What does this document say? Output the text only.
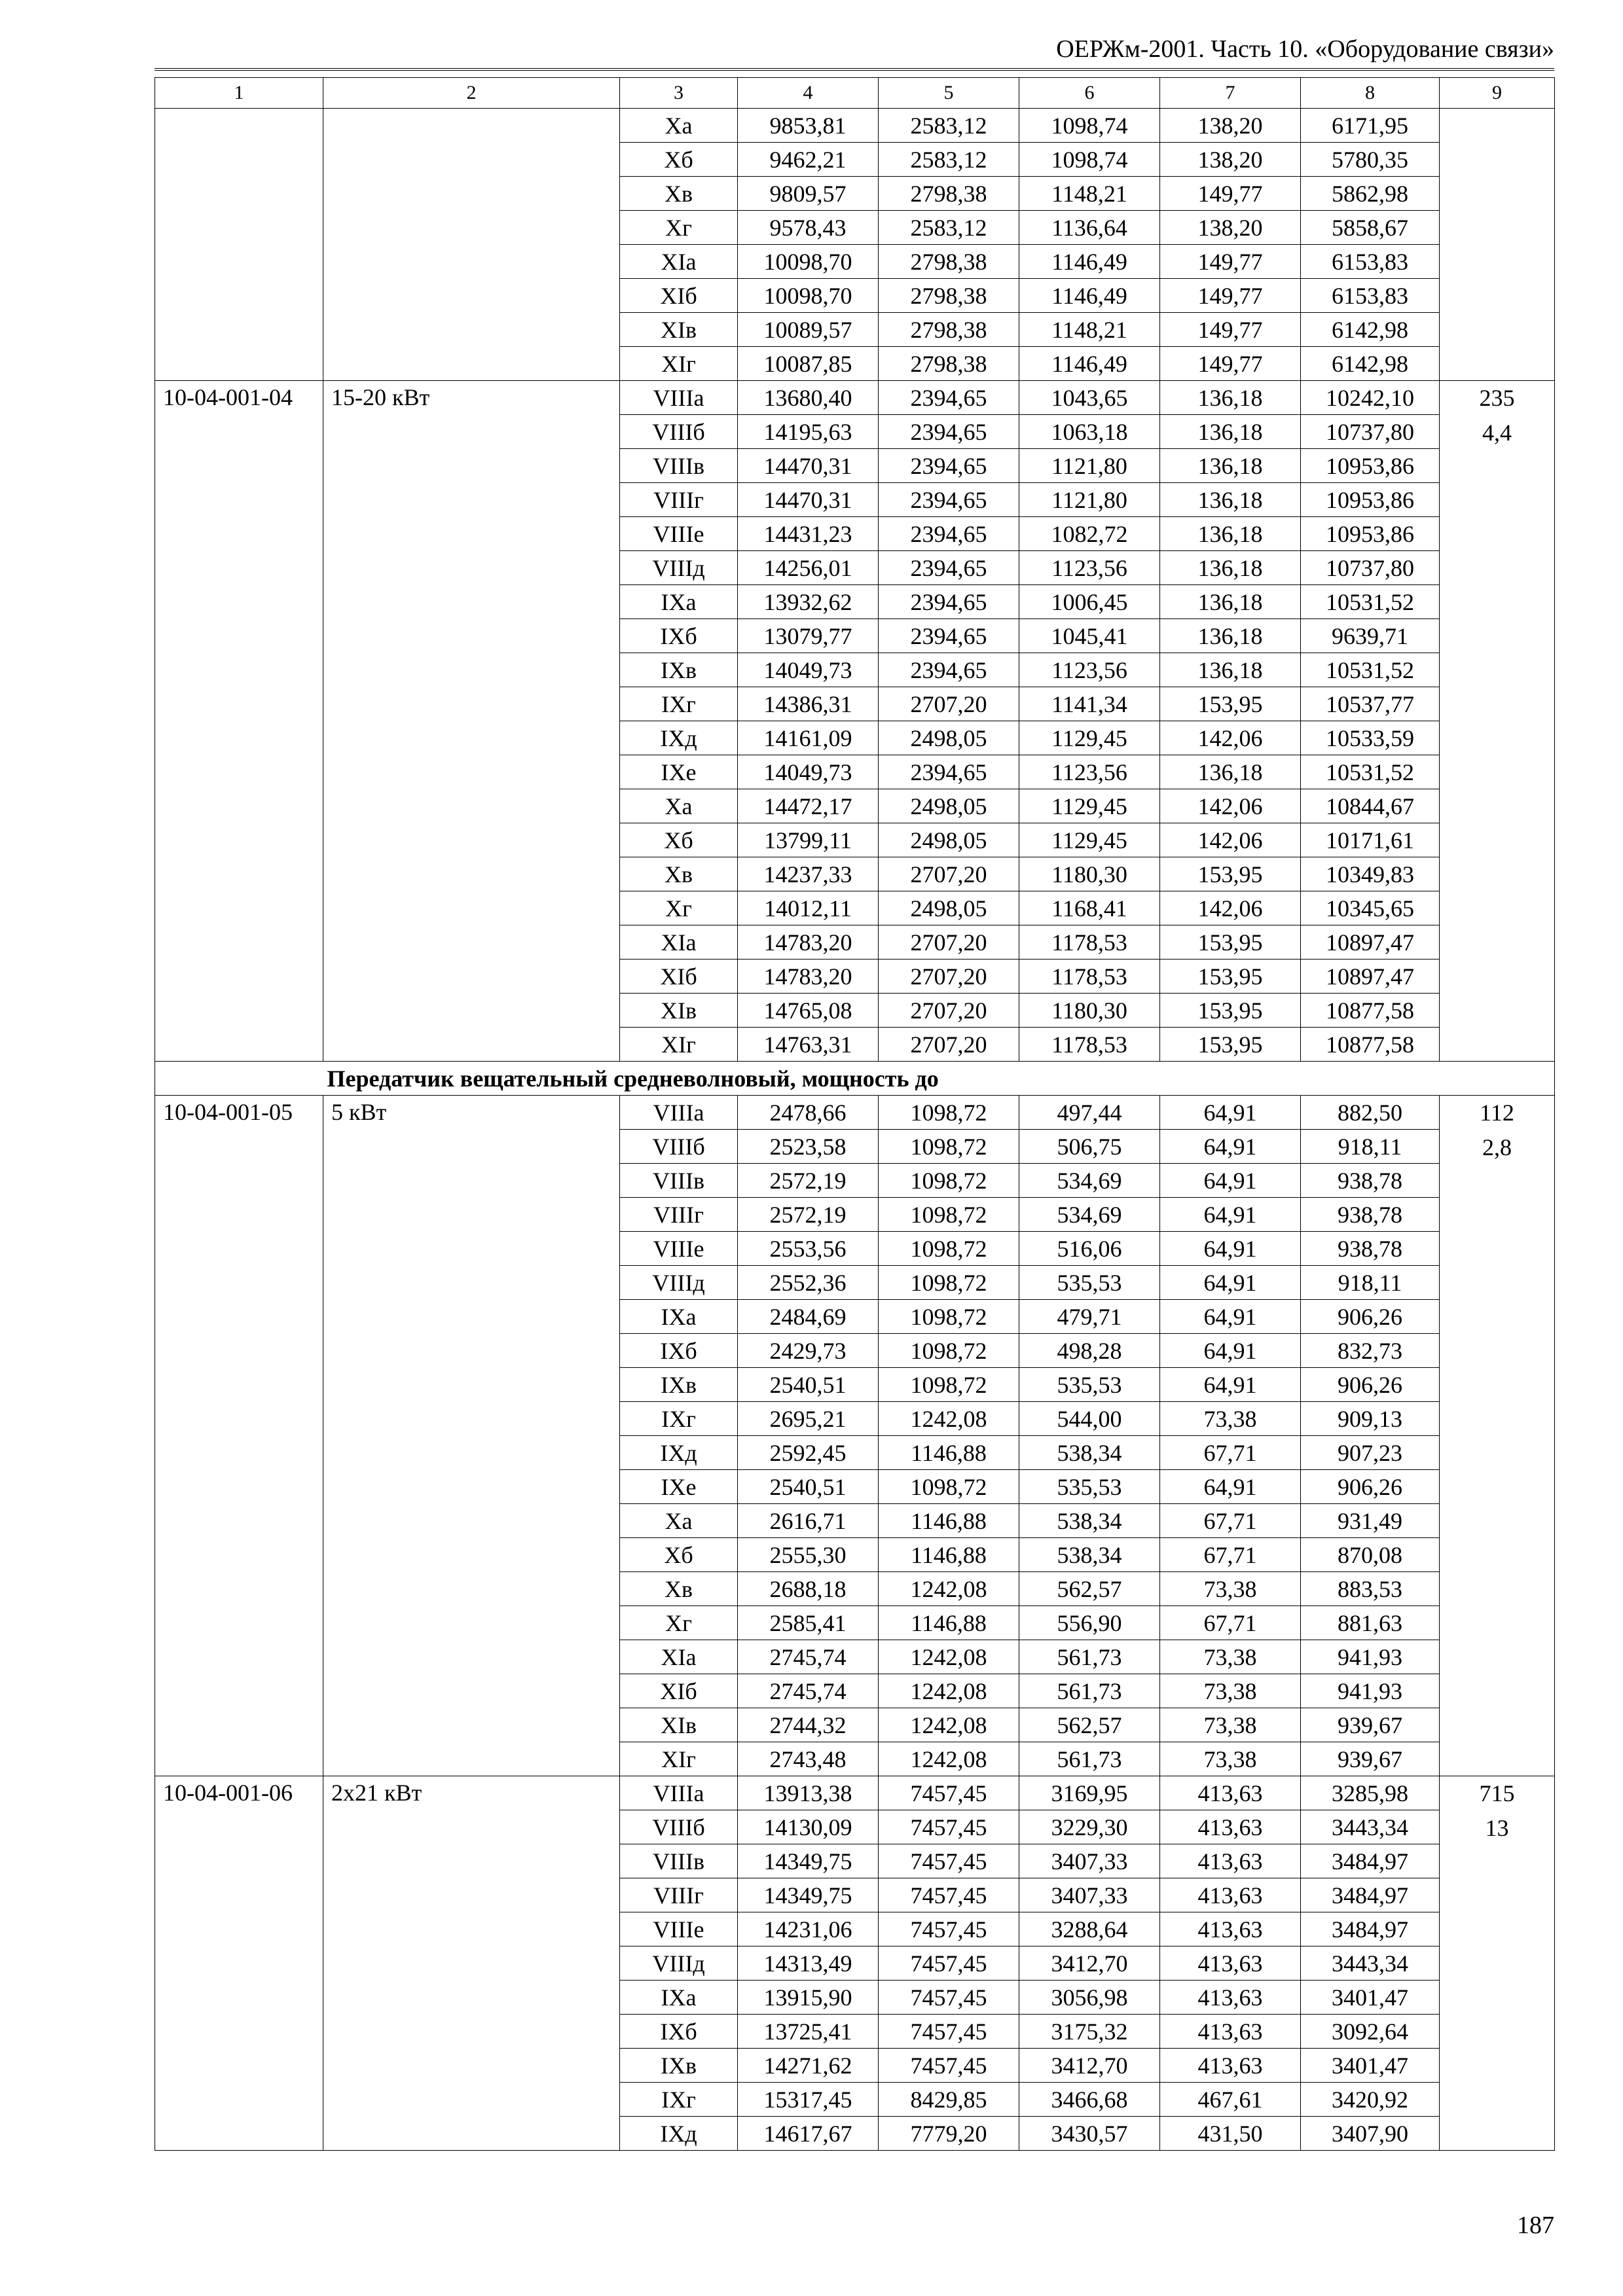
ОЕРЖм-2001. Часть 10. «Оборудование связи»
1	2	3	4	5	6	7	8	9
		Xa	9853,81	2583,12	1098,74	138,20	6171,95	
		Xб	9462,21	2583,12	1098,74	138,20	5780,35	
		Xв	9809,57	2798,38	1148,21	149,77	5862,98	
		Xг	9578,43	2583,12	1136,64	138,20	5858,67	
		XIa	10098,70	2798,38	1146,49	149,77	6153,83	
		XIб	10098,70	2798,38	1146,49	149,77	6153,83	
		XIв	10089,57	2798,38	1148,21	149,77	6142,98	
		XIг	10087,85	2798,38	1146,49	149,77	6142,98	
10-04-001-04	15-20 кВт	VIIIa	13680,40	2394,65	1043,65	136,18	10242,10	235
4,4

		VIIIб	14195,63	2394,65	1063,18	136,18	10737,80	
		VIIIв	14470,31	2394,65	1121,80	136,18	10953,86	
		VIIIг	14470,31	2394,65	1121,80	136,18	10953,86	
		VIIIe	14431,23	2394,65	1082,72	136,18	10953,86	
		VIIIд	14256,01	2394,65	1123,56	136,18	10737,80	
		IXa	13932,62	2394,65	1006,45	136,18	10531,52	
		IXб	13079,77	2394,65	1045,41	136,18	9639,71	
		IXв	14049,73	2394,65	1123,56	136,18	10531,52	
		IXг	14386,31	2707,20	1141,34	153,95	10537,77	
		IXд	14161,09	2498,05	1129,45	142,06	10533,59	
		IXe	14049,73	2394,65	1123,56	136,18	10531,52	
		Xa	14472,17	2498,05	1129,45	142,06	10844,67	
		Xб	13799,11	2498,05	1129,45	142,06	10171,61	
		Xв	14237,33	2707,20	1180,30	153,95	10349,83	
		Xг	14012,11	2498,05	1168,41	142,06	10345,65	
		XIa	14783,20	2707,20	1178,53	153,95	10897,47	
		XIб	14783,20	2707,20	1178,53	153,95	10897,47	
		XIв	14765,08	2707,20	1180,30	153,95	10877,58	
		XIг	14763,31	2707,20	1178,53	153,95	10877,58	
	Передатчик вещательный средневолновый, мощность до							
10-04-001-05	5 кВт	VIIIa	2478,66	1098,72	497,44	64,91	882,50	112
2,8

		VIIIб	2523,58	1098,72	506,75	64,91	918,11	
		VIIIв	2572,19	1098,72	534,69	64,91	938,78	
		VIIIг	2572,19	1098,72	534,69	64,91	938,78	
		VIIIe	2553,56	1098,72	516,06	64,91	938,78	
		VIIIд	2552,36	1098,72	535,53	64,91	918,11	
		IXa	2484,69	1098,72	479,71	64,91	906,26	
		IXб	2429,73	1098,72	498,28	64,91	832,73	
		IXв	2540,51	1098,72	535,53	64,91	906,26	
		IXг	2695,21	1242,08	544,00	73,38	909,13	
		IXд	2592,45	1146,88	538,34	67,71	907,23	
		IXe	2540,51	1098,72	535,53	64,91	906,26	
		Xa	2616,71	1146,88	538,34	67,71	931,49	
		Xб	2555,30	1146,88	538,34	67,71	870,08	
		Xв	2688,18	1242,08	562,57	73,38	883,53	
		Xг	2585,41	1146,88	556,90	67,71	881,63	
		XIa	2745,74	1242,08	561,73	73,38	941,93	
		XIб	2745,74	1242,08	561,73	73,38	941,93	
		XIв	2744,32	1242,08	562,57	73,38	939,67	
		XIг	2743,48	1242,08	561,73	73,38	939,67	
10-04-001-06	2x21 кВт	VIIIa	13913,38	7457,45	3169,95	413,63	3285,98	715
13

		VIIIб	14130,09	7457,45	3229,30	413,63	3443,34	
		VIIIв	14349,75	7457,45	3407,33	413,63	3484,97	
		VIIIг	14349,75	7457,45	3407,33	413,63	3484,97	
		VIIIe	14231,06	7457,45	3288,64	413,63	3484,97	
		VIIIд	14313,49	7457,45	3412,70	413,63	3443,34	
		IXa	13915,90	7457,45	3056,98	413,63	3401,47	
		IXб	13725,41	7457,45	3175,32	413,63	3092,64	
		IXв	14271,62	7457,45	3412,70	413,63	3401,47	
		IXг	15317,45	8429,85	3466,68	467,61	3420,92	
		IXд	14617,67	7779,20	3430,57	431,50	3407,90	
187
